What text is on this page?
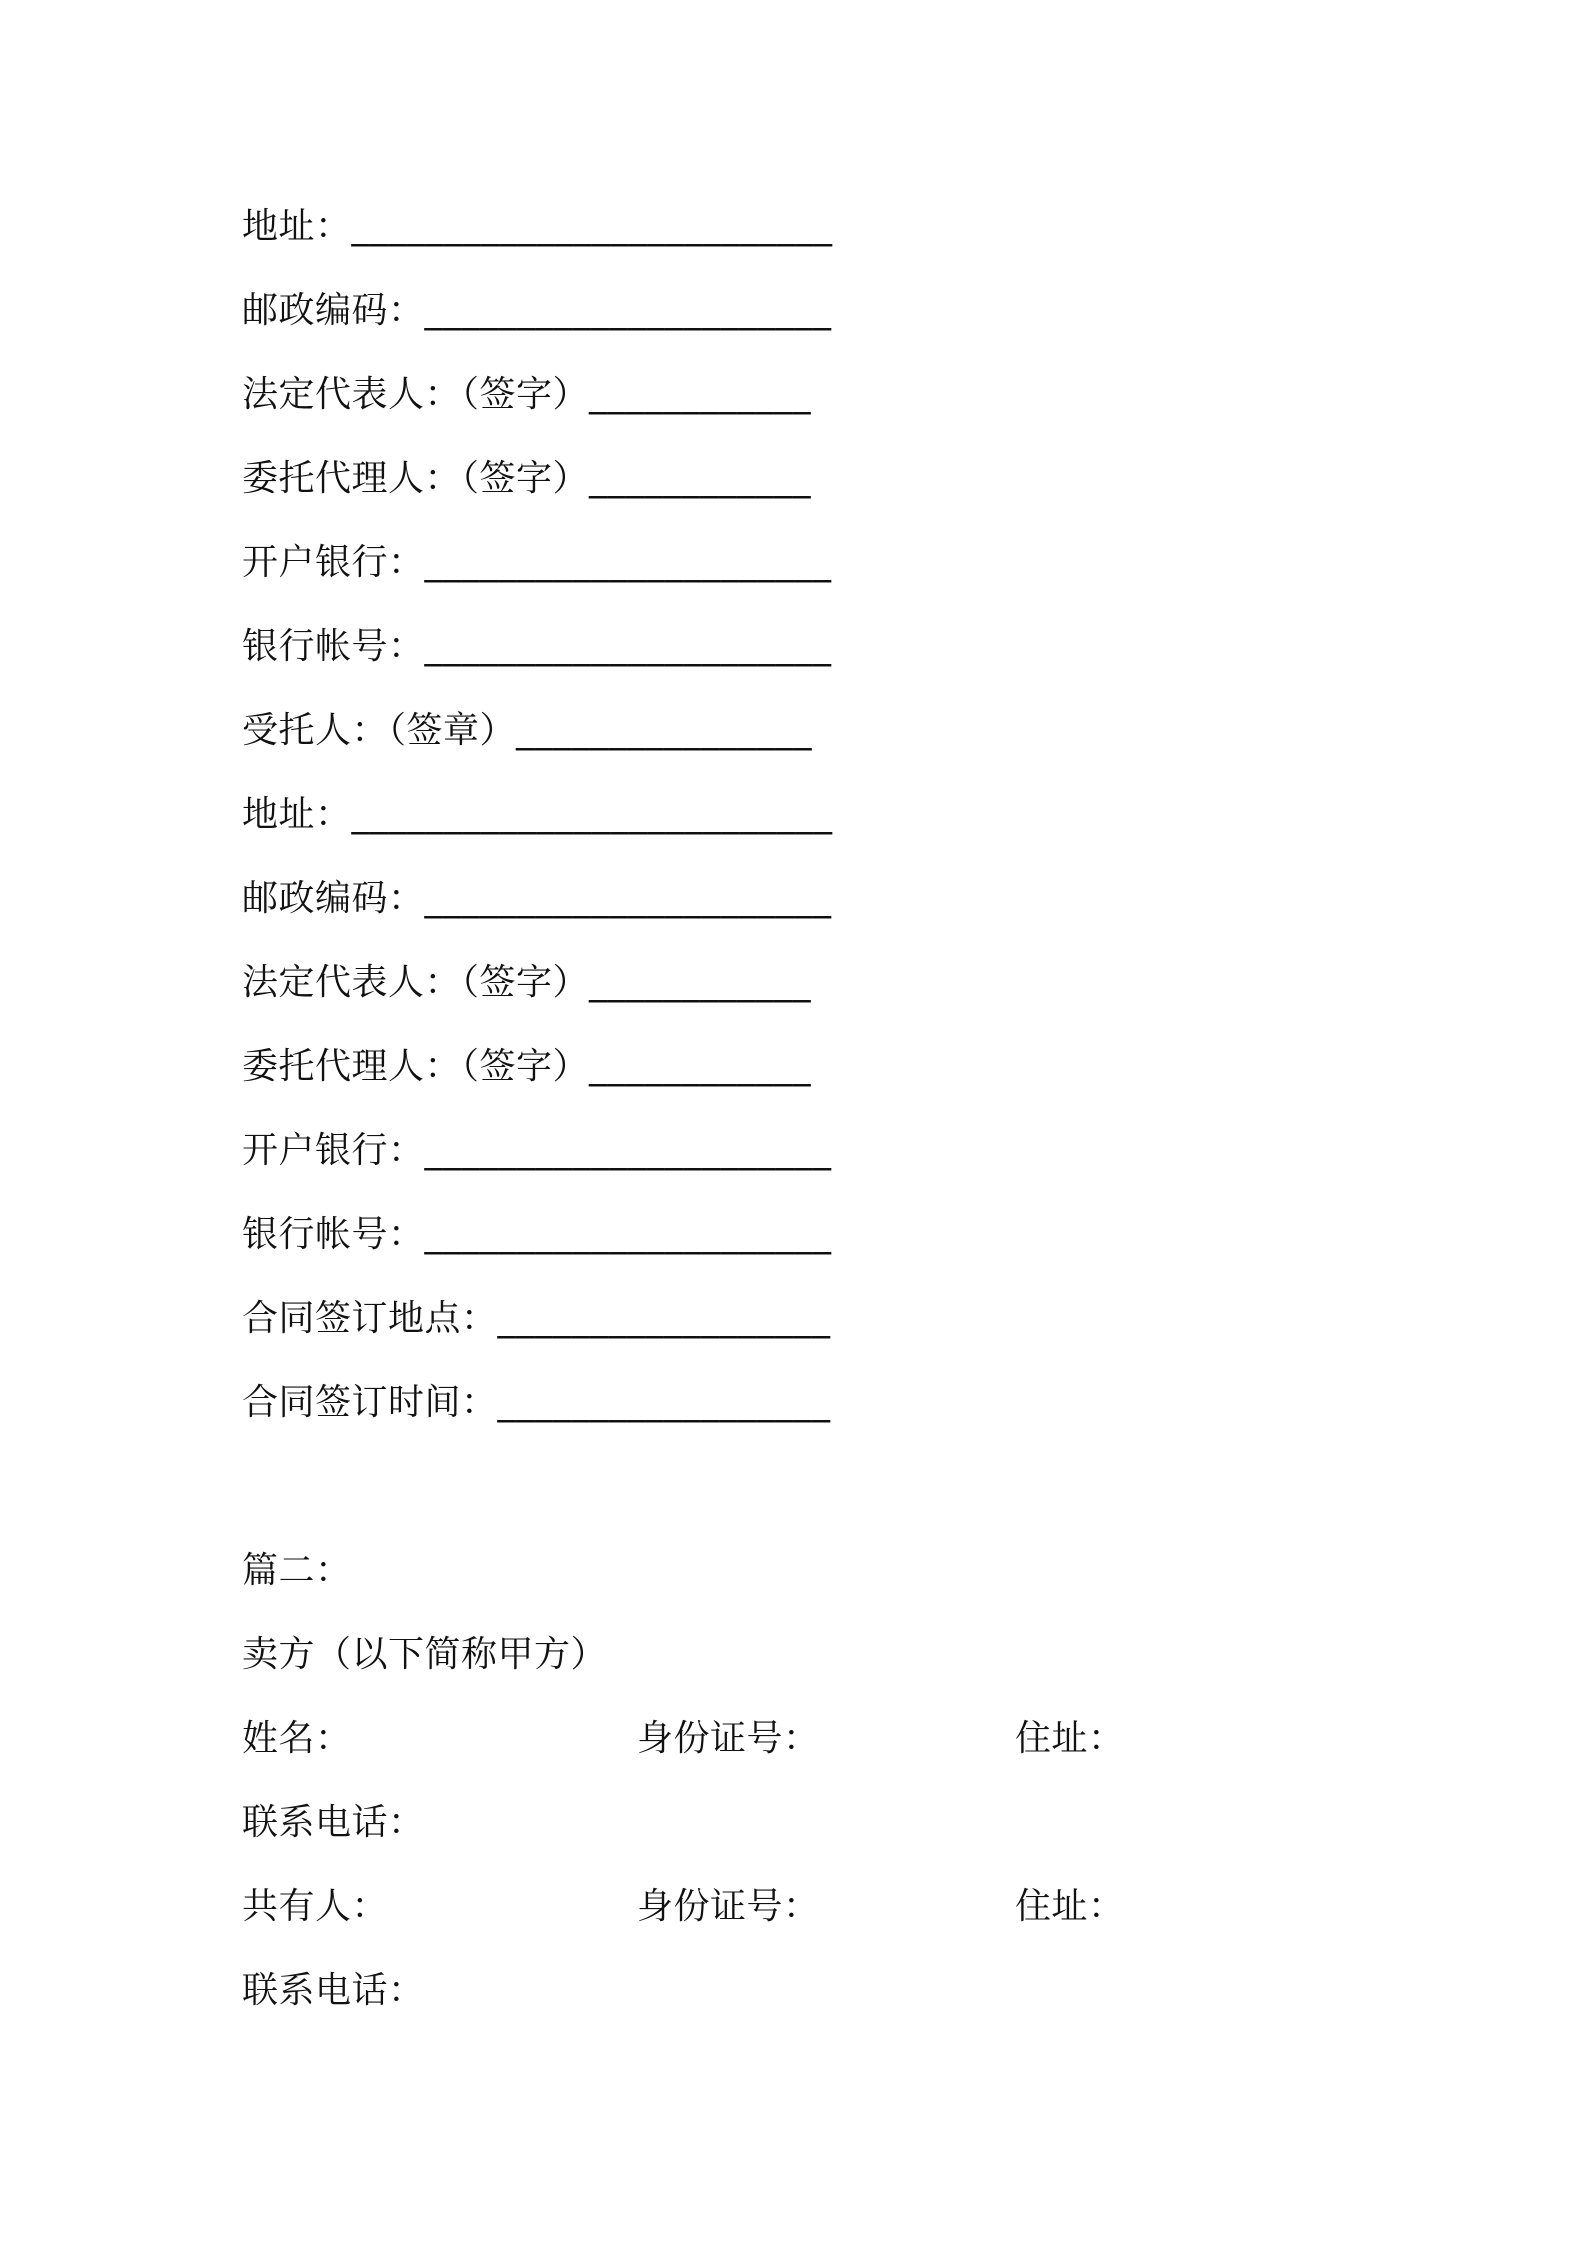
地址：__________________________
邮政编码：______________________
法定代表人：（签字）____________
委托代理人：（签字）____________
开户银行：______________________
银行帐号：______________________
受托人：（签章）________________
地址：__________________________
邮政编码：______________________
法定代表人：（签字）____________
委托代理人：（签字）____________
开户银行：______________________
银行帐号：______________________
合同签订地点：__________________
合同签订时间：__________________
篇二：
卖方（以下简称甲方）
姓名：	身份证号：	住址：
联系电话：
共有人：	身份证号：	住址：
联系电话：
